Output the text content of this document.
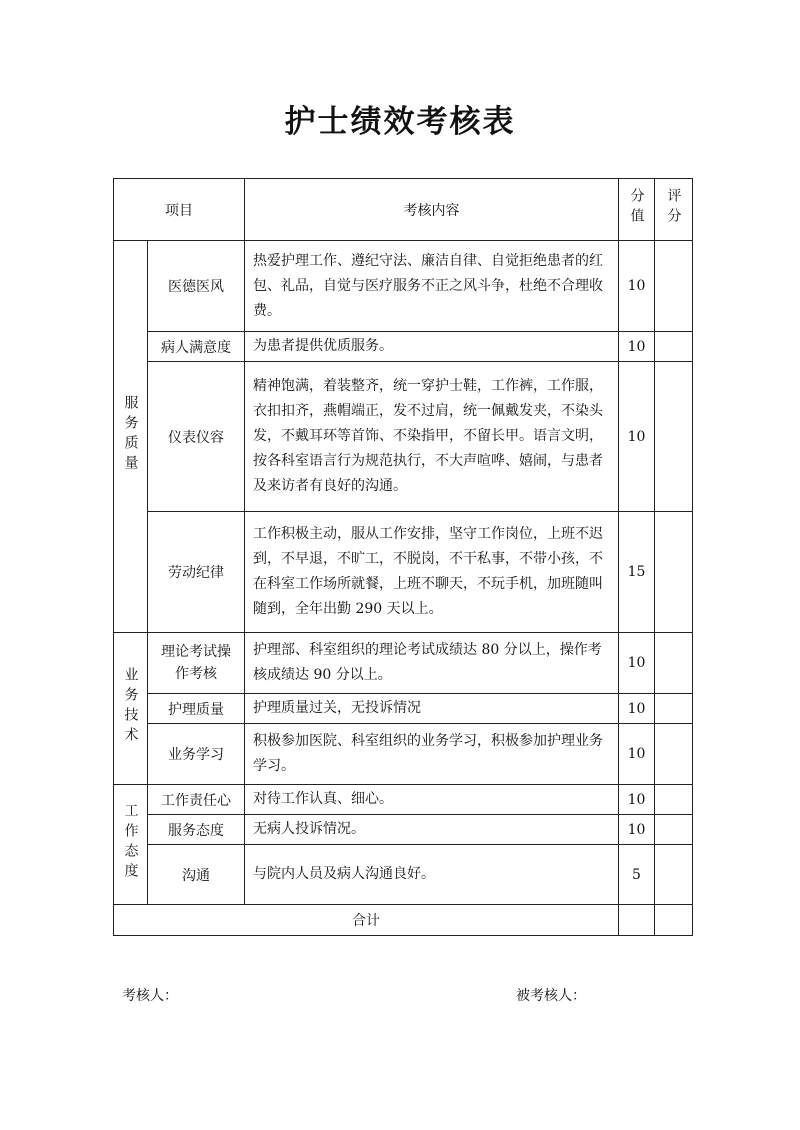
护士绩效考核表
项目		考核内容	分值	评分
服务质量	医德医风	热爱护理工作、遵纪守法、廉洁自律、自觉拒绝患者的红包、礼品，自觉与医疗服务不正之风斗争，杜绝不合理收费。	10	
	病人满意度	为患者提供优质服务。	10	
	仪表仪容	精神饱满，着装整齐，统一穿护士鞋，工作裤，工作服，衣扣扣齐，燕帽端正，发不过肩，统一佩戴发夹，不染头发，不戴耳环等首饰、不染指甲，不留长甲。语言文明，按各科室语言行为规范执行，不大声喧哗、嬉闹，与患者及来访者有良好的沟通。	10	
	劳动纪律	工作积极主动，服从工作安排，坚守工作岗位，上班不迟到，不早退，不旷工，不脱岗，不干私事，不带小孩，不在科室工作场所就餐，上班不聊天，不玩手机，加班随叫随到，全年出勤 290 天以上。	15	
业务技术	理论考试操作考核	护理部、科室组织的理论考试成绩达 80 分以上，操作考核成绩达 90 分以上。	10	
	护理质量	护理质量过关，无投诉情况	10	
	业务学习	积极参加医院、科室组织的业务学习，积极参加护理业务学习。	10	
工作态度	工作责任心	对待工作认真、细心。	10	
	服务态度	无病人投诉情况。	10	
	沟通	与院内人员及病人沟通良好。	5	
合计				
考核人：	被考核人：
